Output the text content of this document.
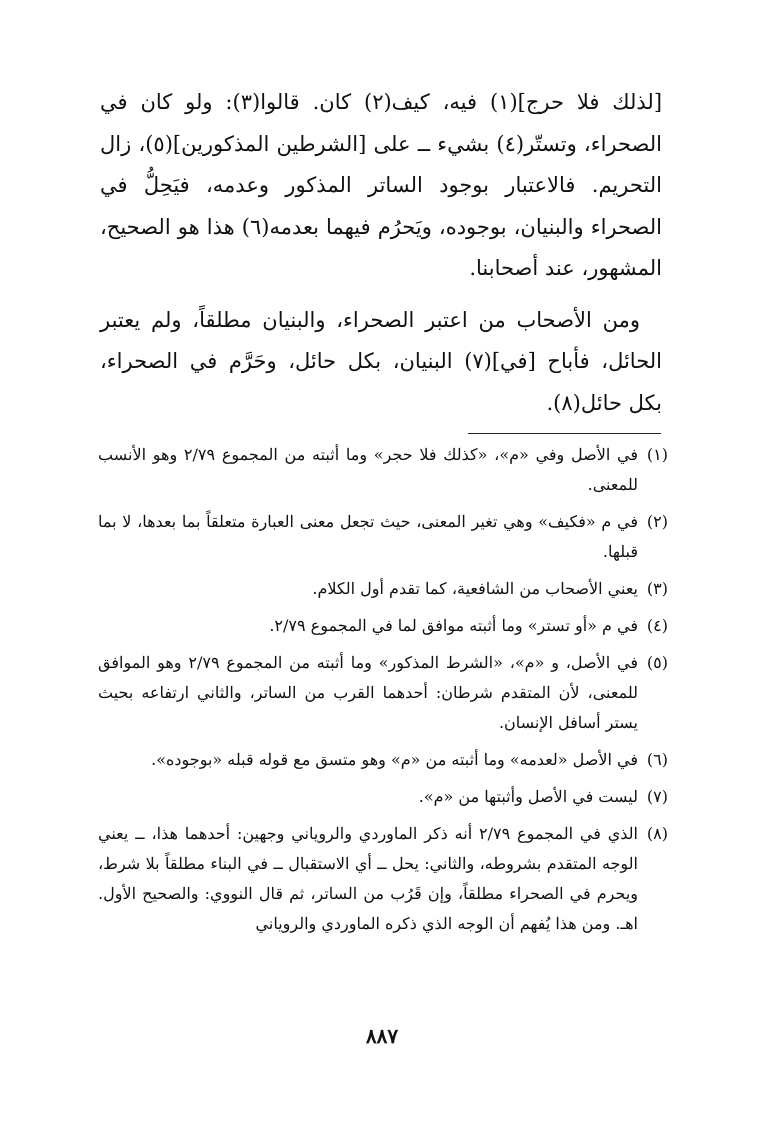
[لذلك فلا حرج](١) فيه، كيف(٢) كان. قالوا(٣): ولو كان في الصحراء، وتستّر(٤) بشيء ــ على [الشرطين المذكورين](٥)، زال التحريم. فالاعتبار بوجود الساتر المذكور وعدمه، فيَحِلُّ في الصحراء والبنيان، بوجوده، ويَحرُم فيهما بعدمه(٦) هذا هو الصحيح، المشهور، عند أصحابنا.

ومن الأصحاب من اعتبر الصحراء، والبنيان مطلقاً، ولم يعتبر الحائل، فأباح [في](٧) البنيان، بكل حائل، وحَرَّم في الصحراء، بكل حائل(٨).

(١)
في الأصل وفي «م»، «كذلك فلا حجر» وما أثبته من المجموع ٢/٧٩ وهو الأنسب للمعنى.
(٢)
في م «فكيف» وهي تغير المعنى، حيث تجعل معنى العبارة متعلقاً بما بعدها، لا بما قبلها.
(٣)
يعني الأصحاب من الشافعية، كما تقدم أول الكلام.
(٤)
في م «أو تستر» وما أثبته موافق لما في المجموع ٢/٧٩.
(٥)
في الأصل، و «م»، «الشرط المذكور» وما أثبته من المجموع ٢/٧٩ وهو الموافق للمعنى، لأن المتقدم شرطان: أحدهما القرب من الساتر، والثاني ارتفاعه بحيث يستر أسافل الإنسان.
(٦)
في الأصل «لعدمه» وما أثبته من «م» وهو متسق مع قوله قبله «بوجوده».
(٧)
ليست في الأصل وأثبتها من «م».
(٨)
الذي في المجموع ٢/٧٩ أنه ذكر الماوردي والروياني وجهين: أحدهما هذا، ــ يعني الوجه المتقدم بشروطه، والثاني: يحل ــ أي الاستقبال ــ في البناء مطلقاً بلا شرط، ويحرم في الصحراء مطلقاً، وإن قَرُب من الساتر، ثم قال النووي: والصحيح الأول. اهـ. ومن هذا يُفهم أن الوجه الذي ذكره الماوردي والروياني
٨٨٧
